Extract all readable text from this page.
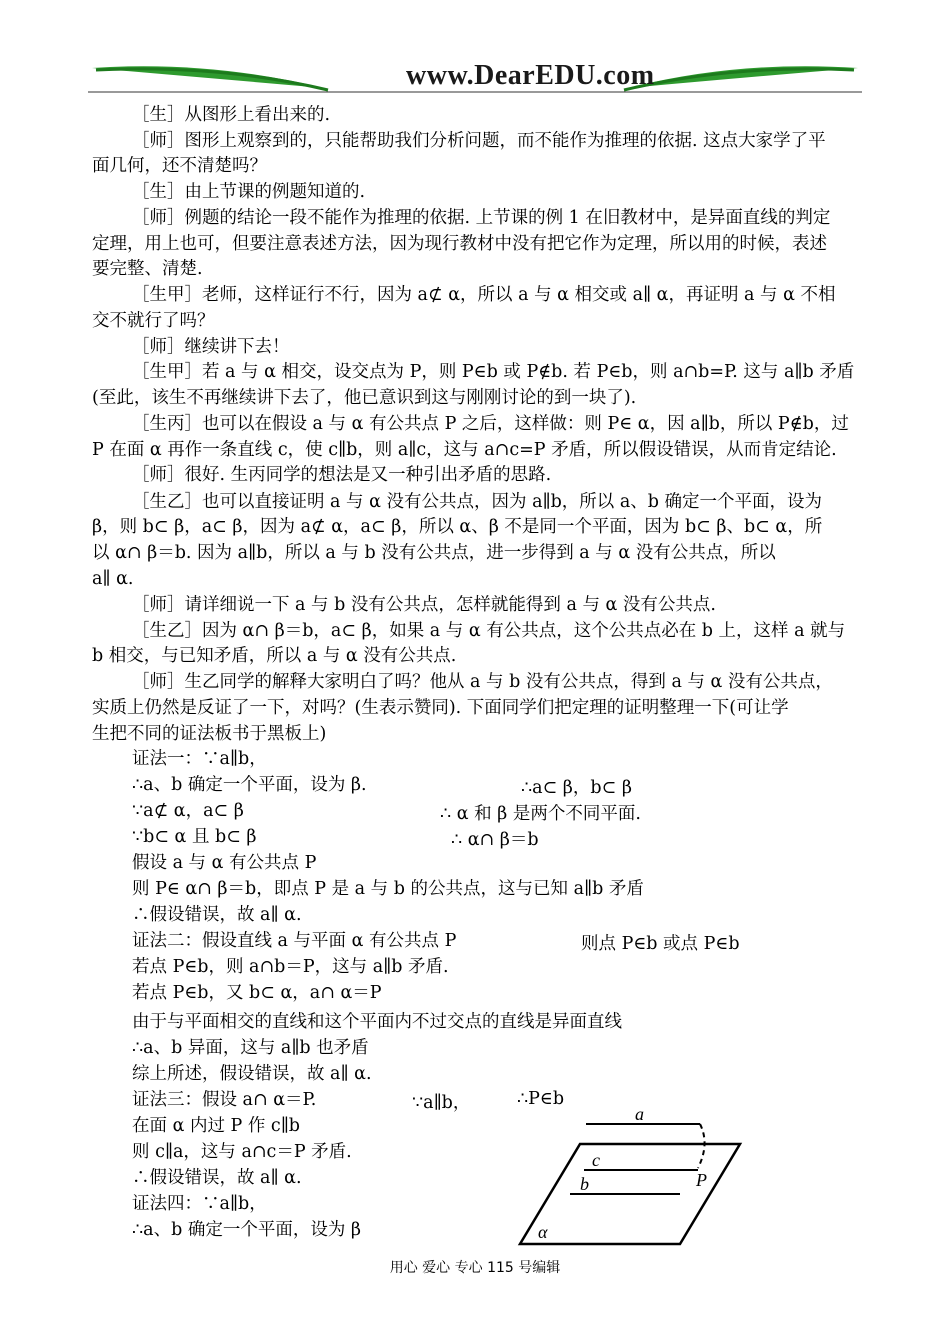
www.DearEDU.com
［生］从图形上看出来的.
［师］图形上观察到的，只能帮助我们分析问题，而不能作为推理的依据. 这点大家学了平
面几何，还不清楚吗？
［生］由上节课的例题知道的.
［师］例题的结论一段不能作为推理的依据. 上节课的例 1 在旧教材中，是异面直线的判定
定理，用上也可，但要注意表述方法，因为现行教材中没有把它作为定理，所以用的时候，表述
要完整、清楚.
［生甲］老师，这样证行不行，因为 a⊄ α，所以 a 与 α 相交或 a∥ α，再证明 a 与 α 不相
交不就行了吗？
［师］继续讲下去！
［生甲］若 a 与 α 相交，设交点为 P，则 P∈b 或 P∉b. 若 P∈b，则 a∩b=P. 这与 a∥b 矛盾
(至此，该生不再继续讲下去了，他已意识到这与刚刚讨论的到一块了).
［生丙］也可以在假设 a 与 α 有公共点 P 之后，这样做：则 P∈ α，因 a∥b，所以 P∉b，过
P 在面 α 再作一条直线 c，使 c∥b，则 a∥c，这与 a∩c=P 矛盾，所以假设错误，从而肯定结论.
［师］很好. 生丙同学的想法是又一种引出矛盾的思路.
［生乙］也可以直接证明 a 与 α 没有公共点，因为 a∥b，所以 a、b 确定一个平面，设为
β，则 b⊂ β，a⊂ β，因为 a⊄ α，a⊂ β，所以 α、β 不是同一个平面，因为 b⊂ β、b⊂ α，所
以 α∩ β＝b. 因为 a∥b，所以 a 与 b 没有公共点，进一步得到 a 与 α 没有公共点，所以
a∥ α.
［师］请详细说一下 a 与 b 没有公共点，怎样就能得到 a 与 α 没有公共点.
［生乙］因为 α∩ β＝b，a⊂ β，如果 a 与 α 有公共点，这个公共点必在 b 上，这样 a 就与
b 相交，与已知矛盾，所以 a 与 α 没有公共点.
［师］生乙同学的解释大家明白了吗？他从 a 与 b 没有公共点，得到 a 与 α 没有公共点，
实质上仍然是反证了一下，对吗？(生表示赞同). 下面同学们把定理的证明整理一下(可让学
生把不同的证法板书于黑板上)
证法一：∵a∥b，
∴a、b 确定一个平面，设为 β.	∴a⊂ β，b⊂ β
∵a⊄ α，a⊂ β	∴ α 和 β 是两个不同平面.
∵b⊂ α 且 b⊂ β	∴ α∩ β＝b
假设 a 与 α 有公共点 P
则 P∈ α∩ β＝b，即点 P 是 a 与 b 的公共点，这与已知 a∥b 矛盾
∴假设错误，故 a∥ α.
证法二：假设直线 a 与平面 α 有公共点 P	则点 P∈b 或点 P∈b
若点 P∈b，则 a∩b＝P，这与 a∥b 矛盾.
若点 P∈b，又 b⊂ α，a∩ α＝P
由于与平面相交的直线和这个平面内不过交点的直线是异面直线
∴a、b 异面，这与 a∥b 也矛盾
综上所述，假设错误，故 a∥ α.
证法三：假设 a∩ α＝P.	∵a∥b，	∴P∈b
在面 α 内过 P 作 c∥b
则 c∥a，这与 a∩c＝P 矛盾.
∴假设错误，故 a∥ α.
证法四：∵a∥b，
∴a、b 确定一个平面，设为 β
a
c
b	P
α
用心 爱心 专心 115 号编辑
